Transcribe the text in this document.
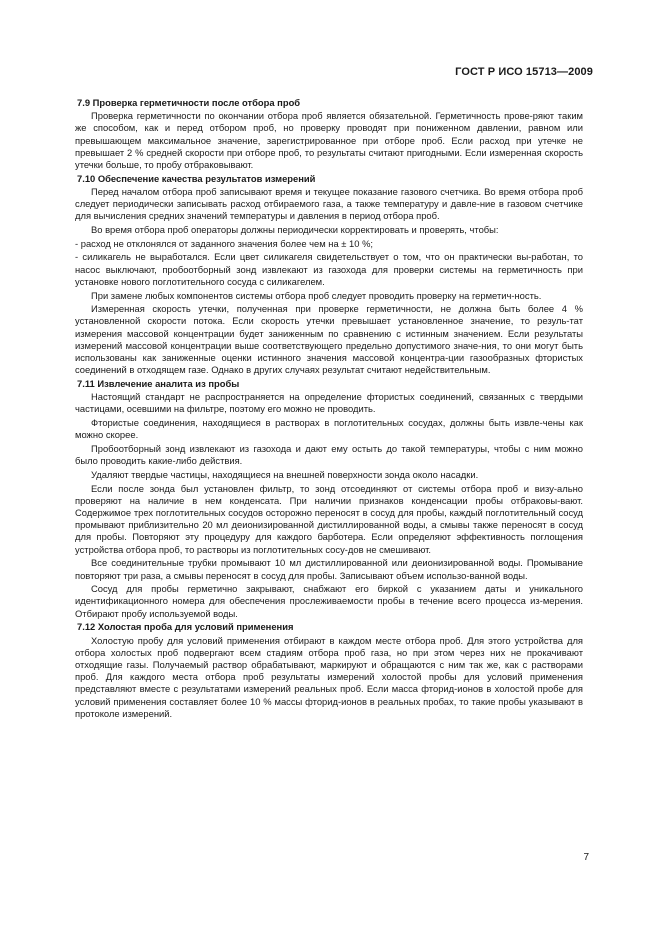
ГОСТ Р ИСО 15713—2009
7.9 Проверка герметичности после отбора проб

Проверка герметичности по окончании отбора проб является обязательной. Герметичность прове-ряют таким же способом, как и перед отбором проб, но проверку проводят при пониженном давлении, равном или превышающем максимальное значение, зарегистрированное при отборе проб. Если расход при утечке не превышает 2 % средней скорости при отборе проб, то результаты считают пригодными. Если измеренная скорость утечки больше, то пробу отбраковывают.

7.10 Обеспечение качества результатов измерений

Перед началом отбора проб записывают время и текущее показание газового счетчика. Во время отбора проб следует периодически записывать расход отбираемого газа, а также температуру и давле-ние в газовом счетчике для вычисления средних значений температуры и давления в период отбора проб.

Во время отбора проб операторы должны периодически корректировать и проверять, чтобы:

- расход не отклонялся от заданного значения более чем на ± 10 %;

- силикагель не выработался. Если цвет силикагеля свидетельствует о том, что он практически вы-работан, то насос выключают, пробоотборный зонд извлекают из газохода для проверки системы на герметичность при установке нового поглотительного сосуда с силикагелем.

При замене любых компонентов системы отбора проб следует проводить проверку на герметич-ность.

Измеренная скорость утечки, полученная при проверке герметичности, не должна быть более 4 % установленной скорости потока. Если скорость утечки превышает установленное значение, то резуль-тат измерения массовой концентрации будет заниженным по сравнению с истинным значением. Если результаты измерений массовой концентрации выше соответствующего предельно допустимого значе-ния, то они могут быть использованы как заниженные оценки истинного значения массовой концентра-ции газообразных фтористых соединений в отходящем газе. Однако в других случаях результат считают недействительным.

7.11 Извлечение аналита из пробы

Настоящий стандарт не распространяется на определение фтористых соединений, связанных с твердыми частицами, осевшими на фильтре, поэтому его можно не проводить.

Фтористые соединения, находящиеся в растворах в поглотительных сосудах, должны быть извле-чены как можно скорее.

Пробоотборный зонд извлекают из газохода и дают ему остыть до такой температуры, чтобы с ним можно было проводить какие-либо действия.

Удаляют твердые частицы, находящиеся на внешней поверхности зонда около насадки.

Если после зонда был установлен фильтр, то зонд отсоединяют от системы отбора проб и визу-ально проверяют на наличие в нем конденсата. При наличии признаков конденсации пробы отбраковы-вают. Содержимое трех поглотительных сосудов осторожно переносят в сосуд для пробы, каждый поглотительный сосуд промывают приблизительно 20 мл деионизированной дистиллированной воды, а смывы также переносят в сосуд для пробы. Повторяют эту процедуру для каждого барботера. Если определяют эффективность поглощения устройства отбора проб, то растворы из поглотительных сосу-дов не смешивают.

Все соединительные трубки промывают 10 мл дистиллированной или деионизированной воды. Промывание повторяют три раза, а смывы переносят в сосуд для пробы. Записывают объем использо-ванной воды.

Сосуд для пробы герметично закрывают, снабжают его биркой с указанием даты и уникального идентификационного номера для обеспечения прослеживаемости пробы в течение всего процесса из-мерения. Отбирают пробу используемой воды.

7.12 Холостая проба для условий применения

Холостую пробу для условий применения отбирают в каждом месте отбора проб. Для этого устройства для отбора холостых проб подвергают всем стадиям отбора проб газа, но при этом через них не прокачивают отходящие газы. Получаемый раствор обрабатывают, маркируют и обращаются с ним так же, как с растворами проб. Для каждого места отбора проб результаты измерений холостой пробы для условий применения представляют вместе с результатами измерений реальных проб. Если масса фторид-ионов в холостой пробе для условий применения составляет более 10 % массы фторид-ионов в реальных пробах, то такие пробы указывают в протоколе измерений.

7
